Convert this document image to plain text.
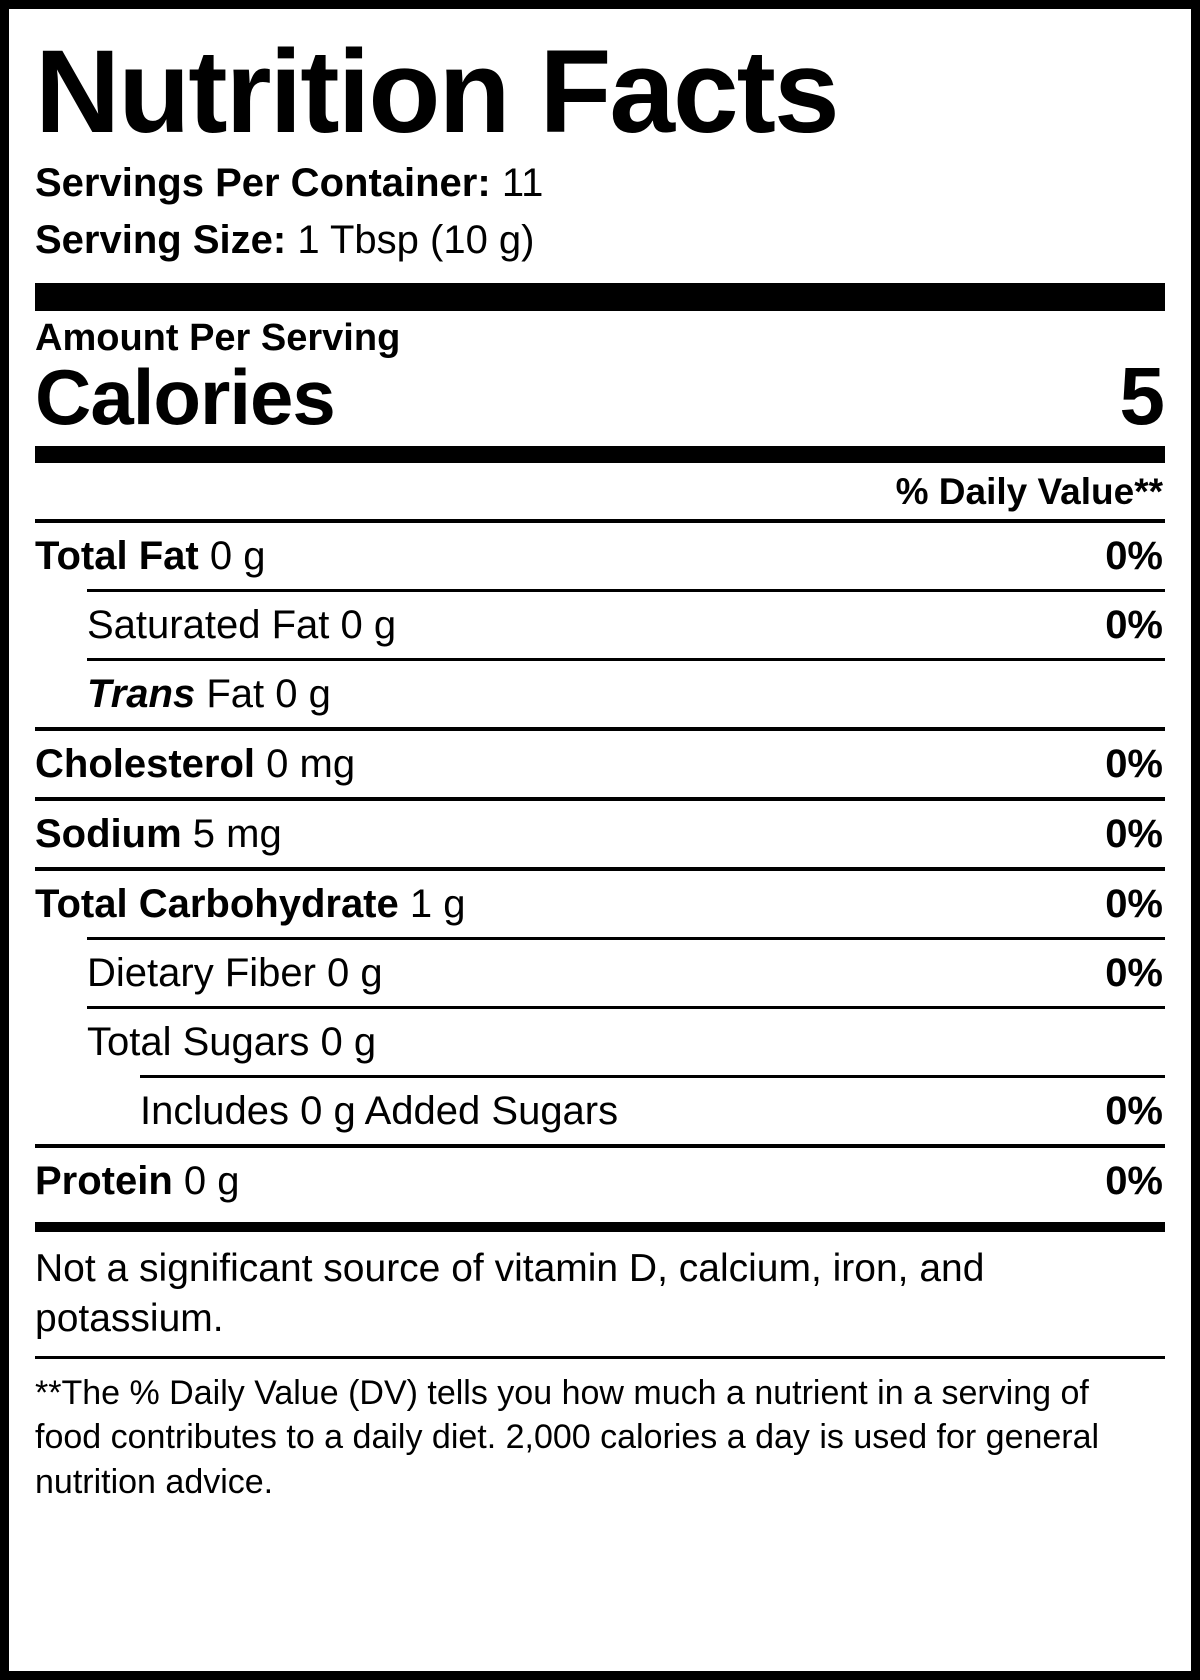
Nutrition Facts
Servings Per Container: 11
Serving Size: 1 Tbsp (10 g)
Amount Per Serving
Calories	5
% Daily Value**
Total Fat 0 g	0%
Saturated Fat 0 g	0%
Trans Fat 0 g
Cholesterol 0 mg	0%
Sodium 5 mg	0%
Total Carbohydrate 1 g	0%
Dietary Fiber 0 g	0%
Total Sugars 0 g
Includes 0 g Added Sugars	0%
Protein 0 g	0%
Not a significant source of vitamin D, calcium, iron, and potassium.
**The % Daily Value (DV) tells you how much a nutrient in a serving of food contributes to a daily diet. 2,000 calories a day is used for general nutrition advice.
